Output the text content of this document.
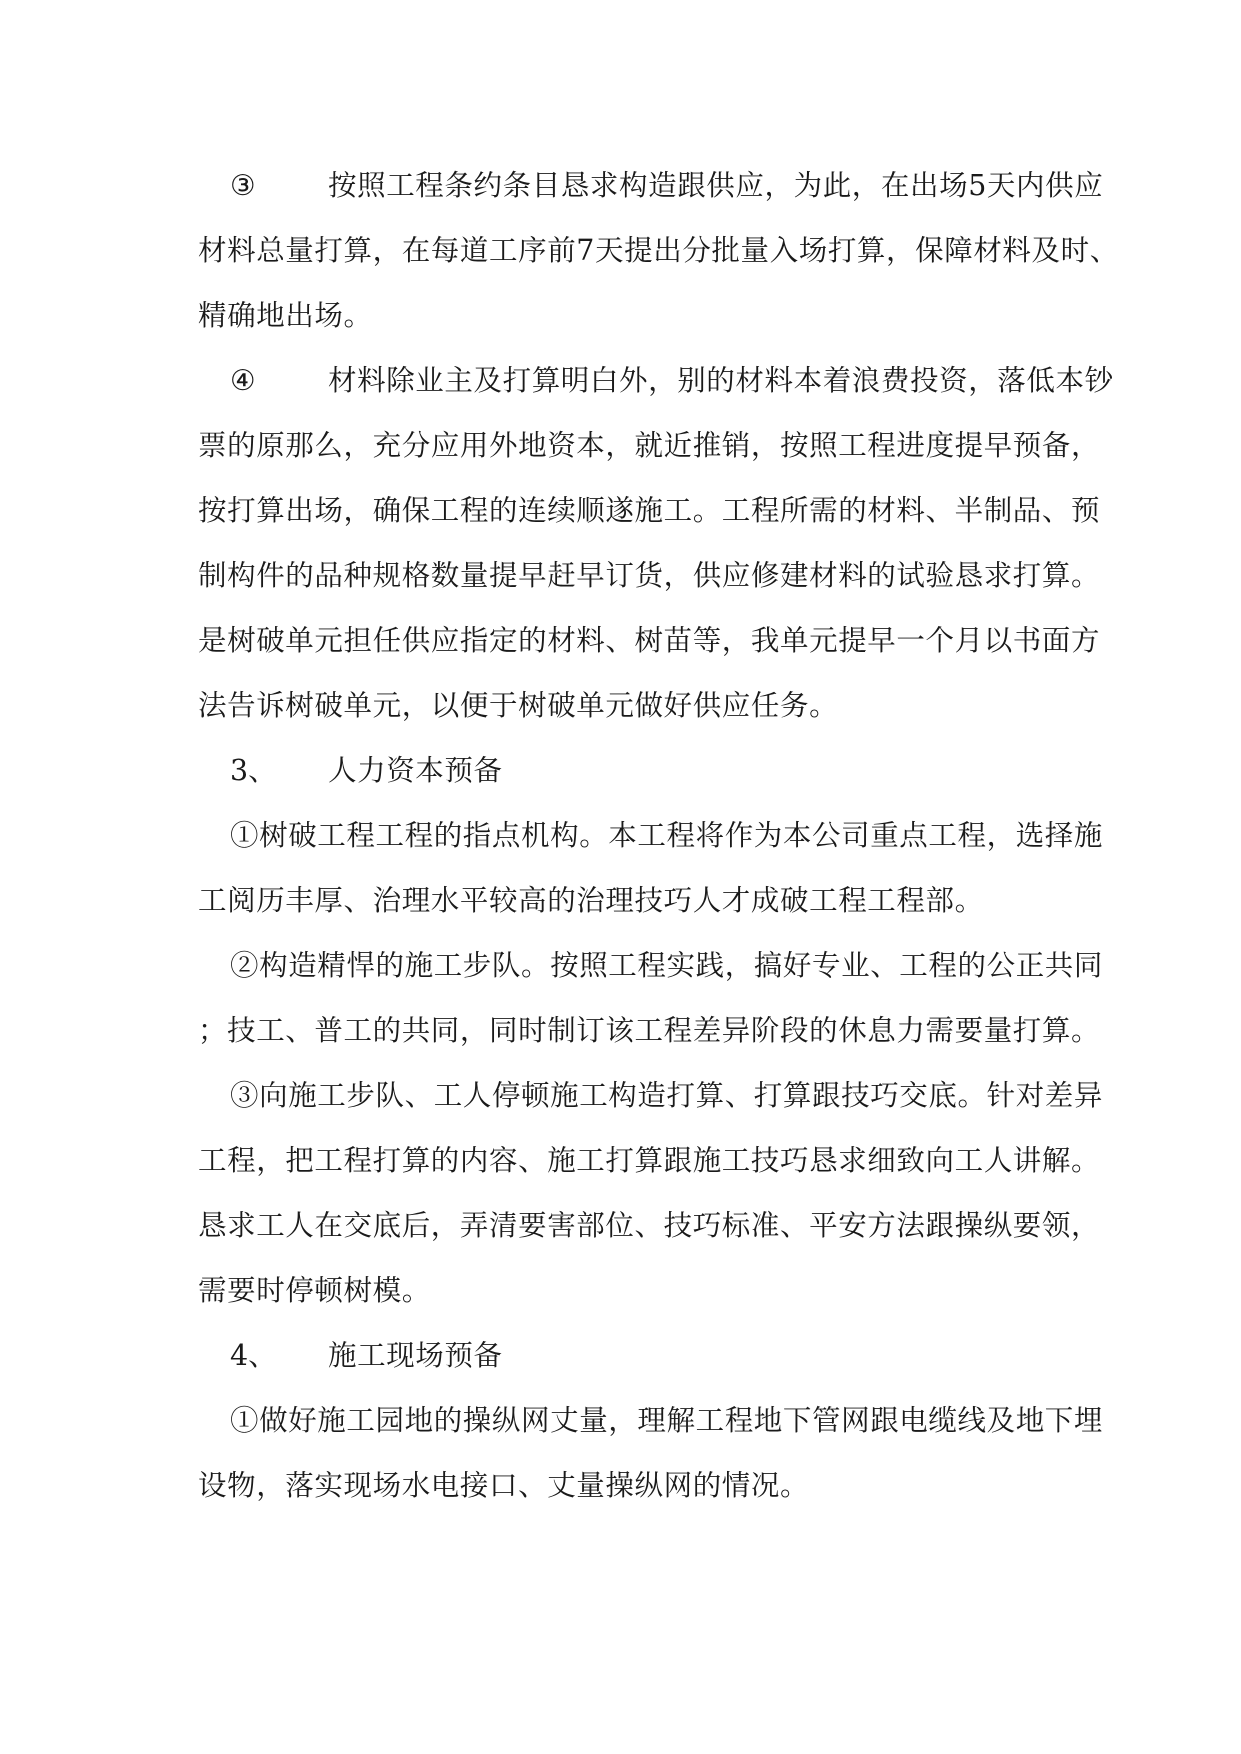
③	按照工程条约条目恳求构造跟供应，为此，在出场5天内供应
材料总量打算，在每道工序前7天提出分批量入场打算，保障材料及时、
精确地出场。
④	材料除业主及打算明白外，别的材料本着浪费投资，落低本钞
票的原那么，充分应用外地资本，就近推销，按照工程进度提早预备，
按打算出场，确保工程的连续顺遂施工。工程所需的材料、半制品、预
制构件的品种规格数量提早赶早订货，供应修建材料的试验恳求打算。
是树破单元担任供应指定的材料、树苗等，我单元提早一个月以书面方
法告诉树破单元，以便于树破单元做好供应任务。
3、 人力资本预备
①树破工程工程的指点机构。本工程将作为本公司重点工程，选择施
工阅历丰厚、治理水平较高的治理技巧人才成破工程工程部。
②构造精悍的施工步队。按照工程实践，搞好专业、工程的公正共同
；技工、普工的共同，同时制订该工程差异阶段的休息力需要量打算。
③向施工步队、工人停顿施工构造打算、打算跟技巧交底。针对差异
工程，把工程打算的内容、施工打算跟施工技巧恳求细致向工人讲解。
恳求工人在交底后，弄清要害部位、技巧标准、平安方法跟操纵要领，
需要时停顿树模。
4、 施工现场预备
①做好施工园地的操纵网丈量，理解工程地下管网跟电缆线及地下埋
设物，落实现场水电接口、丈量操纵网的情况。
